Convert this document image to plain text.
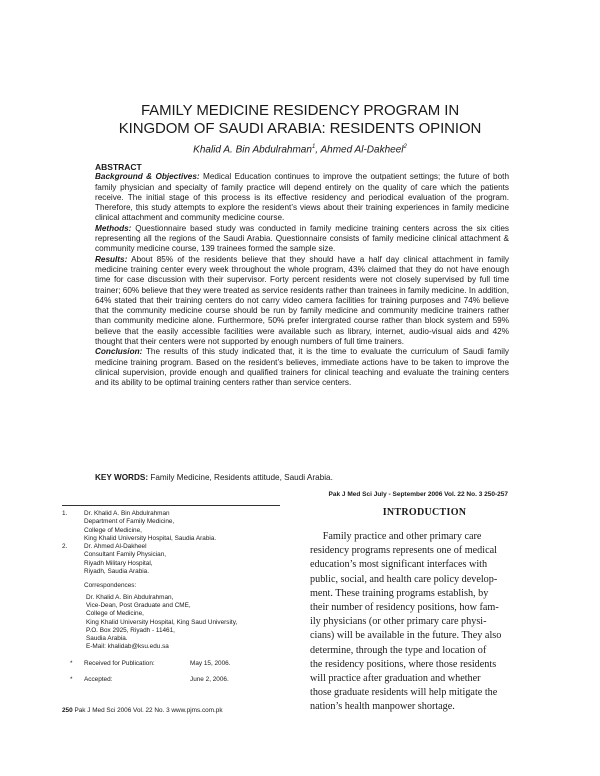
FAMILY MEDICINE RESIDENCY PROGRAM IN
KINGDOM OF SAUDI ARABIA: RESIDENTS OPINION
Khalid A. Bin Abdulrahman$^1$, Ahmed Al-Dakheel$^2$

ABSTRACT

Background & Objectives: Medical Education continues to improve the outpatient settings; the future of both family physician and specialty of family practice will depend entirely on the quality of care which the patients receive. The initial stage of this process is its effective residency and periodical evaluation of the program. Therefore, this study attempts to explore the resident’s views about their training experiences in family medicine clinical attachment and community medicine course.

Methods: Questionnaire based study was conducted in family medicine training centers across the six cities representing all the regions of the Saudi Arabia. Questionnaire consists of family medicine clinical attachment & community medicine course, 139 trainees formed the sample size.

Results: About 85% of the residents believe that they should have a half day clinical attachment in family medicine training center every week throughout the whole program, 43% claimed that they do not have enough time for case discussion with their supervisor. Forty percent residents were not closely supervised by full time trainer; 60% believe that they were treated as service residents rather than trainees in family medicine. In addition, 64% stated that their training centers do not carry video camera facilities for training purposes and 74% believe that the community medicine course should be run by family medicine and community medicine trainers rather than community medicine alone. Furthermore, 50% prefer intergrated course rather than block system and 59% believe that the easily accessible facilities were available such as library, internet, audio-visual aids and 42% thought that their centers were not supported by enough numbers of full time trainers.

Conclusion: The results of this study indicated that, it is the time to evaluate the curriculum of Saudi family medicine training program. Based on the resident’s believes, immediate actions have to be taken to improve the clinical supervision, provide enough and qualified trainers for clinical teaching and evaluate the training centers and its ability to be optimal training centers rather than service centers.

KEY WORDS: Family Medicine, Residents attitude, Saudi Arabia.
Pak J Med Sci July - September 2006 Vol. 22 No. 3 250-257
1.	Dr. Khalid A. Bin Abdulrahman
Department of Family Medicine,
College of Medicine,
King Khalid University Hospital, Saudia Arabia.
2.	Dr. Ahmed Al-Dakheel
Consultant Family Physician,
Riyadh Military Hospital,
Riyadh, Saudia Arabia.
Correspondences:
Dr. Khalid A. Bin Abdulrahman,
Vice-Dean, Post Graduate and CME,
College of Medicine,
King Khalid University Hospital, King Saud University,
P.O. Box 2925, Riyadh - 11461,
Saudia Arabia.
E-Mail: khalidab@ksu.edu.sa
* Received for Publication:	May 15, 2006.
* Accepted:	June 2, 2006.
250 Pak J Med Sci 2006 Vol. 22 No. 3 www.pjms.com.pk
INTRODUCTION
Family practice and other primary care
residency programs represents one of medical
education’s most significant interfaces with
public, social, and health care policy develop-
ment. These training programs establish, by
their number of residency positions, how fam-
ily physicians (or other primary care physi-
cians) will be available in the future. They also
determine, through the type and location of
the residency positions, where those residents
will practice after graduation and whether
those graduate residents will help mitigate the
nation’s health manpower shortage.
